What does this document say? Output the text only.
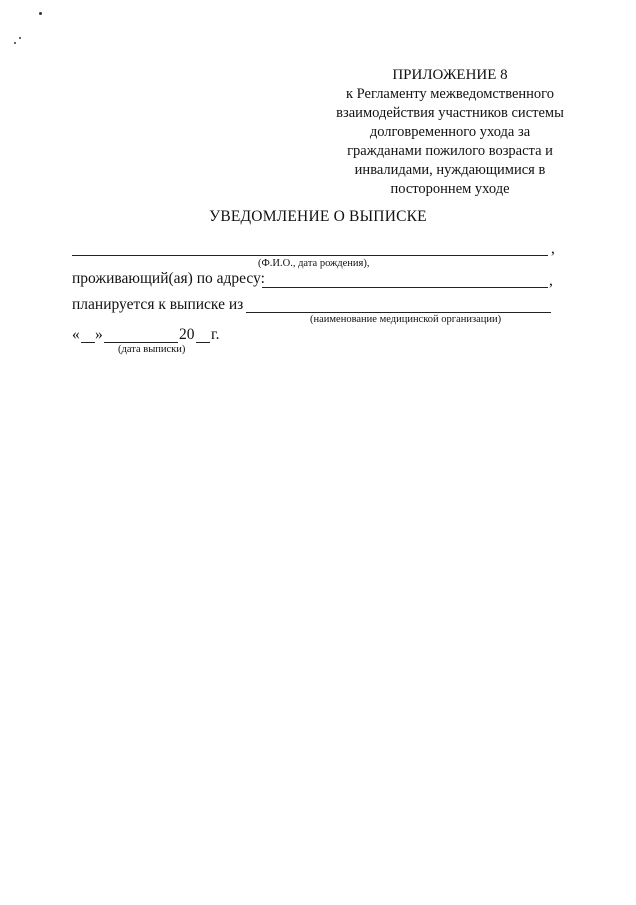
ПРИЛОЖЕНИЕ 8
к Регламенту межведомственного
взаимодействия участников системы
долговременного ухода за
гражданами пожилого возраста и
инвалидами, нуждающимися в
постороннем уходе
УВЕДОМЛЕНИЕ О ВЫПИСКЕ
,
(Ф.И.О., дата рождения),
проживающий(ая) по адресу:	,
планируется к выписке из
(наименование медицинской организации)
« »	20 г.
(дата выписки)
